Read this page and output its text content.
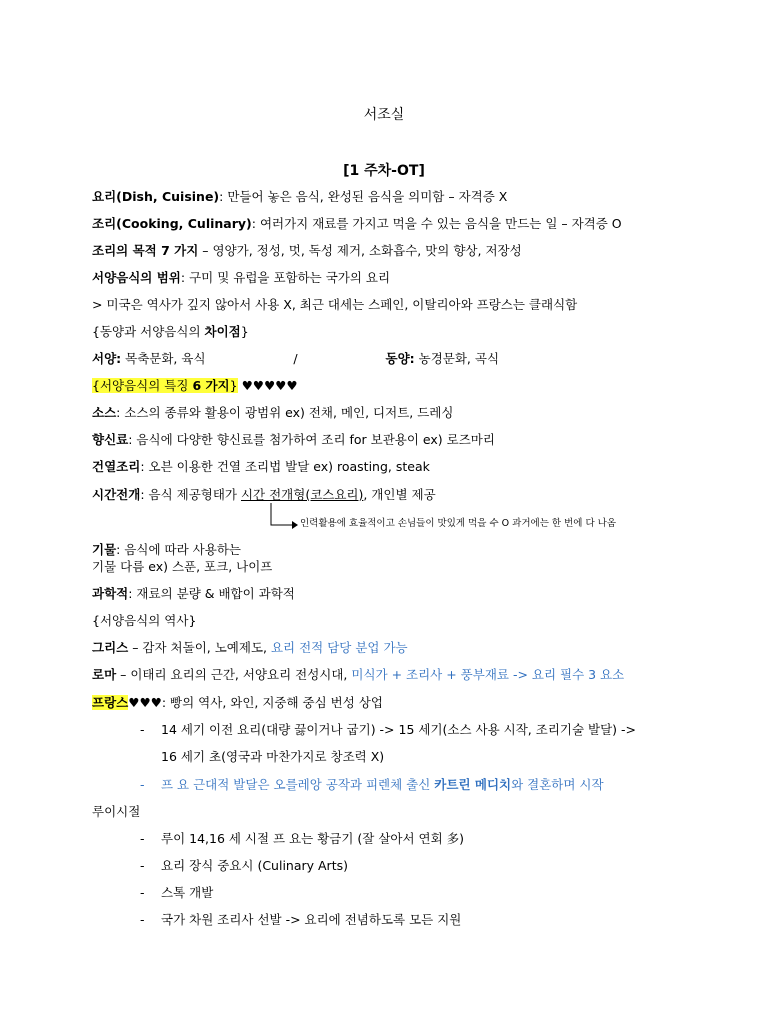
서조실
[1 주차-OT]
요리(Dish, Cuisine): 만들어 놓은 음식, 완성된 음식을 의미함 – 자격증 X
조리(Cooking, Culinary): 여러가지 재료를 가지고 먹을 수 있는 음식을 만드는 일 – 자격증 O
조리의 목적 7 가지 – 영양가, 정성, 멋, 독성 제거, 소화흡수, 맛의 향상, 저장성
서양음식의 범위: 구미 및 유럽을 포함하는 국가의 요리
> 미국은 역사가 깊지 않아서 사용 X, 최근 대세는 스페인, 이탈리아와 프랑스는 클래식함
{동양과 서양음식의 차이점}
서양: 목축문화, 육식	/	동양: 농경문화, 곡식
{서양음식의 특징 6 가지} ♥♥♥♥♥
소스: 소스의 종류와 활용이 광범위 ex) 전채, 메인, 디저트, 드레싱
향신료: 음식에 다양한 향신료를 첨가하여 조리 for 보관용이 ex) 로즈마리
건열조리: 오븐 이용한 건열 조리법 발달 ex) roasting, steak
시간전개: 음식 제공형태가 시간 전개형(코스요리), 개인별 제공
인력활용에 효율적이고 손님들이 맛있게 먹을 수 O 과거에는 한 번에 다 나옴
기물: 음식에 따라 사용하는
기물 다름 ex) 스푼, 포크, 나이프
과학적: 재료의 분량 & 배합이 과학적
{서양음식의 역사}
그리스 – 감자 처돌이, 노예제도, 요리 전적 담당 분업 가능
로마 – 이태리 요리의 근간, 서양요리 전성시대, 미식가 + 조리사 + 풍부재료 -> 요리 필수 3 요소
프랑스♥♥♥: 빵의 역사, 와인, 지중해 중심 번성 상업
-	14 세기 이전 요리(대량 끓이거나 굽기) -> 15 세기(소스 사용 시작, 조리기술 발달) ->
16 세기 초(영국과 마찬가지로 창조력 X)
-	프 요 근대적 발달은 오를레앙 공작과 피렌체 출신 카트린 메디치와 결혼하며 시작
루이시절
-	루이 14,16 세 시절 프 요는 황금기 (잘 살아서 연회 多)
-	요리 장식 중요시 (Culinary Arts)
-	스톡 개발
-	국가 차원 조리사 선발 -> 요리에 전념하도록 모든 지원
